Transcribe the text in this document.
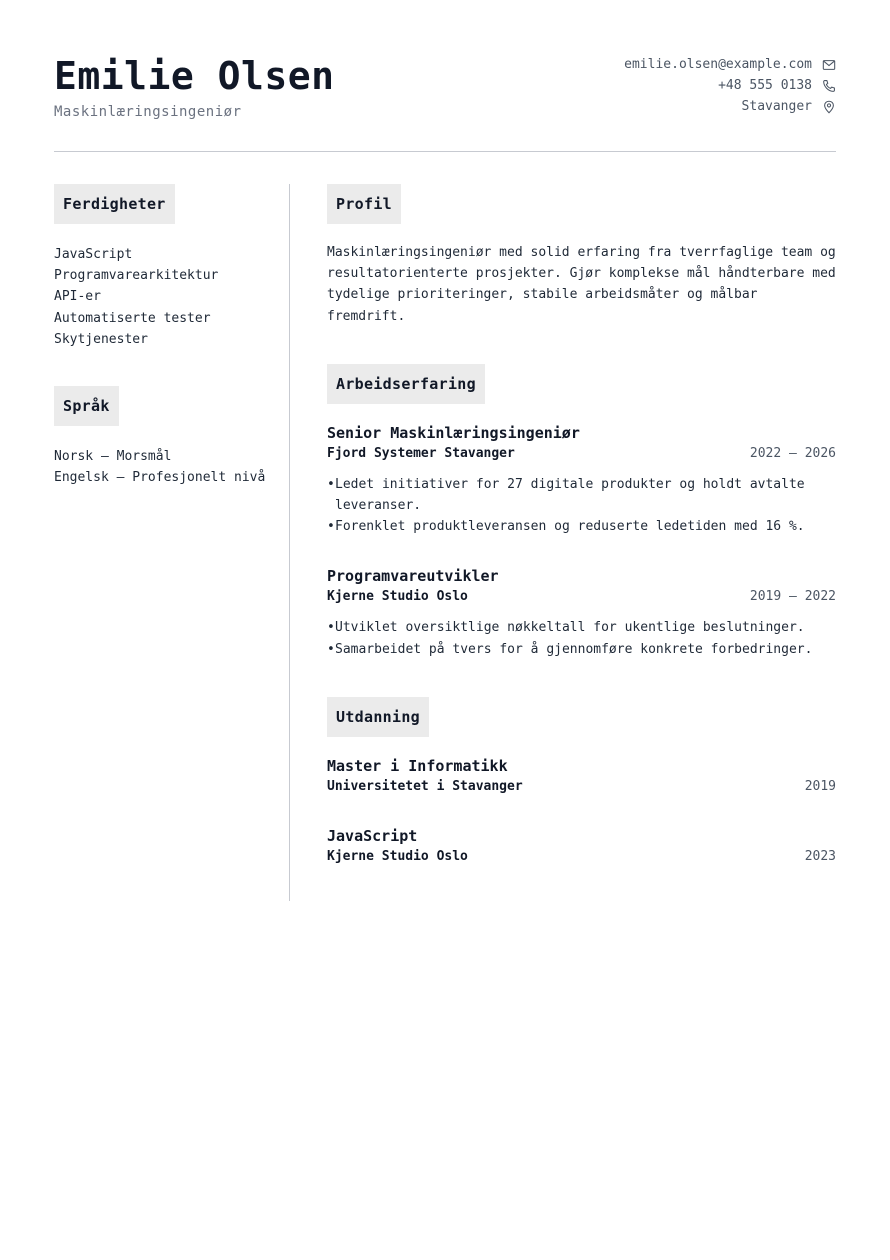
Emilie Olsen
Maskinlæringsingeniør
emilie.olsen@example.com
+48 555 0138
Stavanger
Ferdigheter
JavaScript
Programvarearkitektur
API-er
Automatiserte tester
Skytjenester
Språk
Norsk — Morsmål
Engelsk — Profesjonelt nivå
Profil
Maskinlæringsingeniør med solid erfaring fra tverrfaglige team og resultatorienterte prosjekter. Gjør komplekse mål håndterbare med tydelige prioriteringer, stabile arbeidsmåter og målbar fremdrift.
Arbeidserfaring
Senior Maskinlæringsingeniør
Fjord Systemer Stavanger	2022 — 2026
• Ledet initiativer for 27 digitale produkter og holdt avtalte leveranser.
• Forenklet produktleveransen og reduserte ledetiden med 16 %.
Programvareutvikler
Kjerne Studio Oslo	2019 — 2022
• Utviklet oversiktlige nøkkeltall for ukentlige beslutninger.
• Samarbeidet på tvers for å gjennomføre konkrete forbedringer.
Utdanning
Master i Informatikk
Universitetet i Stavanger	2019
JavaScript
Kjerne Studio Oslo	2023
